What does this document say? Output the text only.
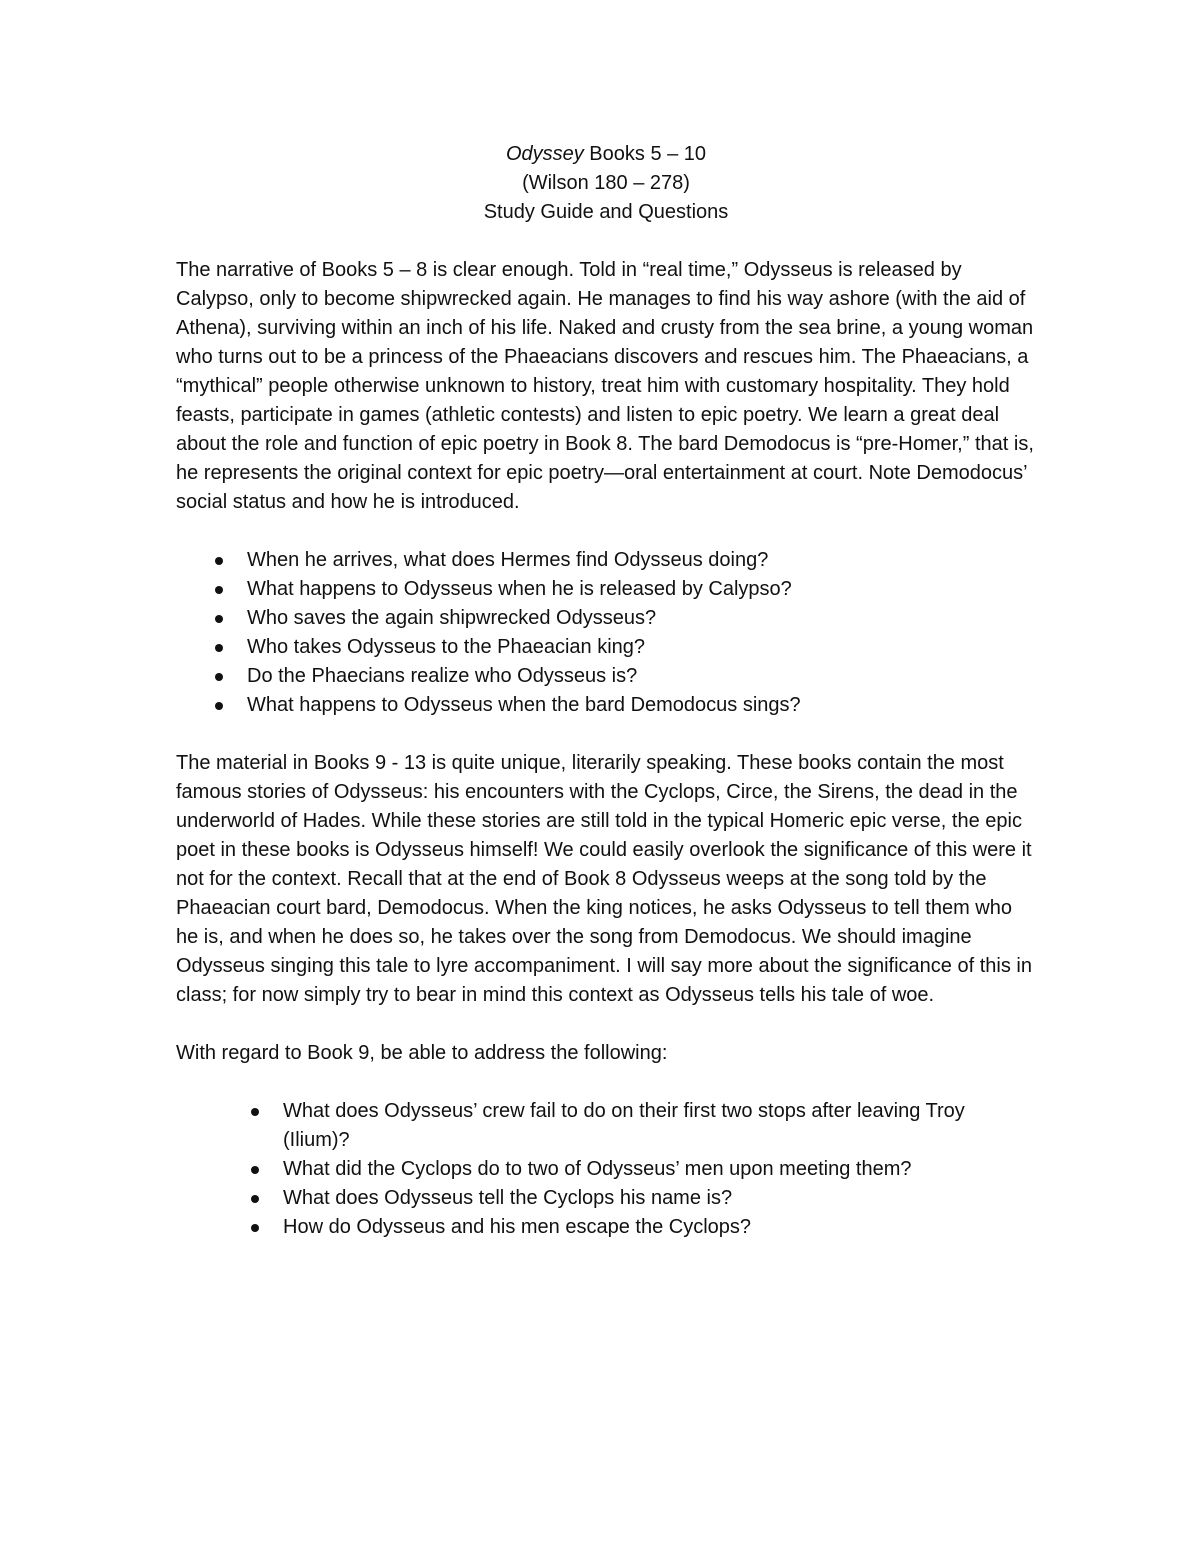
Odyssey Books 5 – 10
(Wilson 180 – 278)
Study Guide and Questions

The narrative of Books 5 – 8 is clear enough. Told in “real time,” Odysseus is released by Calypso, only to become shipwrecked again. He manages to find his way ashore (with the aid of Athena), surviving within an inch of his life. Naked and crusty from the sea brine, a young woman who turns out to be a princess of the Phaeacians discovers and rescues him. The Phaeacians, a “mythical” people otherwise unknown to history, treat him with customary hospitality. They hold feasts, participate in games (athletic contests) and listen to epic poetry. We learn a great deal about the role and function of epic poetry in Book 8. The bard Demodocus is “pre-Homer,” that is, he represents the original context for epic poetry—oral entertainment at court. Note Demodocus’ social status and how he is introduced.

When he arrives, what does Hermes find Odysseus doing?
What happens to Odysseus when he is released by Calypso?
Who saves the again shipwrecked Odysseus?
Who takes Odysseus to the Phaeacian king?
Do the Phaecians realize who Odysseus is?
What happens to Odysseus when the bard Demodocus sings?

The material in Books 9 - 13 is quite unique, literarily speaking. These books contain the most famous stories of Odysseus: his encounters with the Cyclops, Circe, the Sirens, the dead in the underworld of Hades. While these stories are still told in the typical Homeric epic verse, the epic poet in these books is Odysseus himself! We could easily overlook the significance of this were it not for the context. Recall that at the end of Book 8 Odysseus weeps at the song told by the Phaeacian court bard, Demodocus. When the king notices, he asks Odysseus to tell them who he is, and when he does so, he takes over the song from Demodocus. We should imagine Odysseus singing this tale to lyre accompaniment. I will say more about the significance of this in class; for now simply try to bear in mind this context as Odysseus tells his tale of woe.

With regard to Book 9, be able to address the following:

What does Odysseus’ crew fail to do on their first two stops after leaving Troy (Ilium)?
What did the Cyclops do to two of Odysseus’ men upon meeting them?
What does Odysseus tell the Cyclops his name is?
How do Odysseus and his men escape the Cyclops?
